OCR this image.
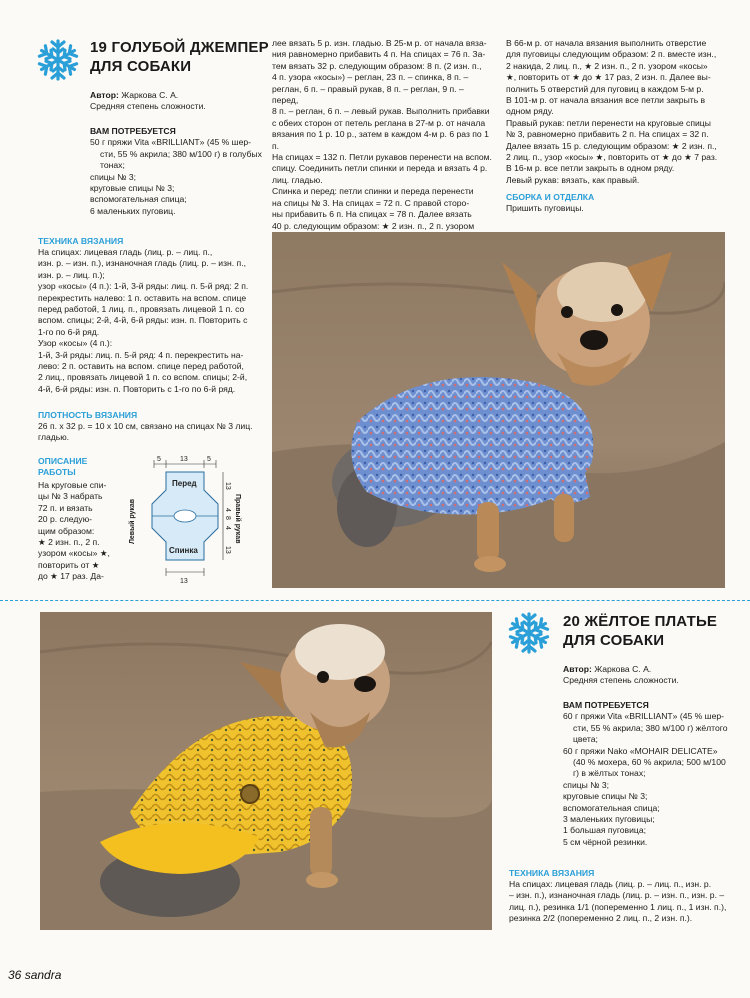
19 ГОЛУБОЙ ДЖЕМПЕР
ДЛЯ СОБАКИ
Автор: Жаркова С. А.
Средняя степень сложности.
ВАМ ПОТРЕБУЕТСЯ
50 г пряжи Vita «BRILLIANT» (45 % шер-
сти, 55 % акрила; 380 м/100 г) в голубых
тонах;
спицы № 3;
круговые спицы № 3;
вспомогательная спица;
6 маленьких пуговиц.
ТЕХНИКА ВЯЗАНИЯ
На спицах: лицевая гладь (лиц. р. – лиц. п.,
изн. р. – изн. п.), изнаночная гладь (лиц. р. – изн. п.,
изн. р. – лиц. п.);
узор «косы» (4 п.): 1-й, 3-й ряды: лиц. п. 5-й ряд: 2 п.
перекрестить налево: 1 п. оставить на вспом. спице
перед работой, 1 лиц. п., провязать лицевой 1 п. со
вспом. спицы; 2-й, 4-й, 6-й ряды: изн. п. Повторить с
1-го по 6-й ряд.
Узор «косы» (4 п.):
1-й, 3-й ряды: лиц. п. 5-й ряд: 4 п. перекрестить на-
лево: 2 п. оставить на вспом. спице перед работой,
2 лиц., провязать лицевой 1 п. со вспом. спицы; 2-й,
4-й, 6-й ряды: изн. п. Повторить с 1-го по 6-й ряд.
ПЛОТНОСТЬ ВЯЗАНИЯ
26 п. х 32 р. = 10 х 10 см, связано на спицах № 3 лиц.
гладью.
ОПИСАНИЕ
РАБОТЫ
На круговые спи-
цы № 3 набрать
72 п. и вязать
20 р. следую-
щим образом:
★ 2 изн. п., 2 п.
узором «косы» ★,
повторить от ★
до ★ 17 раз. Да-
5	13	5
Перед
Спинка
Левый рукав	Правый рукав
13
4
8
4
13
13
лее вязать 5 р. изн. гладью. В 25-м р. от начала вяза-
ния равномерно прибавить 4 п. На спицах = 76 п. За-
тем вязать 32 р. следующим образом: 8 п. (2 изн. п.,
4 п. узора «косы») – реглан, 23 п. – спинка, 8 п. –
реглан, 6 п. – правый рукав, 8 п. – реглан, 9 п. – перед,
8 п. – реглан, 6 п. – левый рукав. Выполнить прибавки
с обеих сторон от петель реглана в 27-м р. от начала
вязания по 1 р. 10 р., затем в каждом 4-м р. 6 раз по 1 п.
На спицах = 132 п. Петли рукавов перенести на вспом.
спицу. Соединить петли спинки и переда и вязать 4 р.
лиц. гладью.
Спинка и перед: петли спинки и переда перенести
на спицы № 3. На спицах = 72 п. С правой сторо-
ны прибавить 6 п. На спицах = 78 п. Далее вязать
40 р. следующим образом: ★ 2 изн. п., 2 п. узором
В 66-м р. от начала вязания выполнить отверстие
для пуговицы следующим образом: 2 п. вместе изн.,
2 накида, 2 лиц. п., ★ 2 изн. п., 2 п. узором «косы»
★, повторить от ★ до ★ 17 раз, 2 изн. п. Далее вы-
полнить 5 отверстий для пуговиц в каждом 5-м р.
В 101-м р. от начала вязания все петли закрыть в
одном ряду.
Правый рукав: петли перенести на круговые спицы
№ 3, равномерно прибавить 2 п. На спицах = 32 п.
Далее вязать 15 р. следующим образом: ★ 2 изн. п.,
2 лиц. п., узор «косы» ★, повторить от ★ до ★ 7 раз.
В 16-м р. все петли закрыть в одном ряду.
Левый рукав: вязать, как правый.
СБОРКА И ОТДЕЛКА
Пришить пуговицы.
20 ЖЁЛТОЕ ПЛАТЬЕ
ДЛЯ СОБАКИ
Автор: Жаркова С. А.
Средняя степень сложности.
ВАМ ПОТРЕБУЕТСЯ
60 г пряжи Vita «BRILLIANT» (45 % шер-
сти, 55 % акрила; 380 м/100 г) жёлтого
цвета;
60 г пряжи Nako «MOHAIR DELICATE»
(40 % мохера, 60 % акрила; 500 м/100
г) в жёлтых тонах;
спицы № 3;
круговые спицы № 3;
вспомогательная спица;
3 маленьких пуговицы;
1 большая пуговица;
5 см чёрной резинки.
ТЕХНИКА ВЯЗАНИЯ
На спицах: лицевая гладь (лиц. р. – лиц. п., изн. р.
– изн. п.), изнаночная гладь (лиц. р. – изн. п., изн. р. –
лиц. п.), резинка 1/1 (попеременно 1 лиц. п., 1 изн. п.),
резинка 2/2 (попеременно 2 лиц. п., 2 изн. п.).
36 sandra
